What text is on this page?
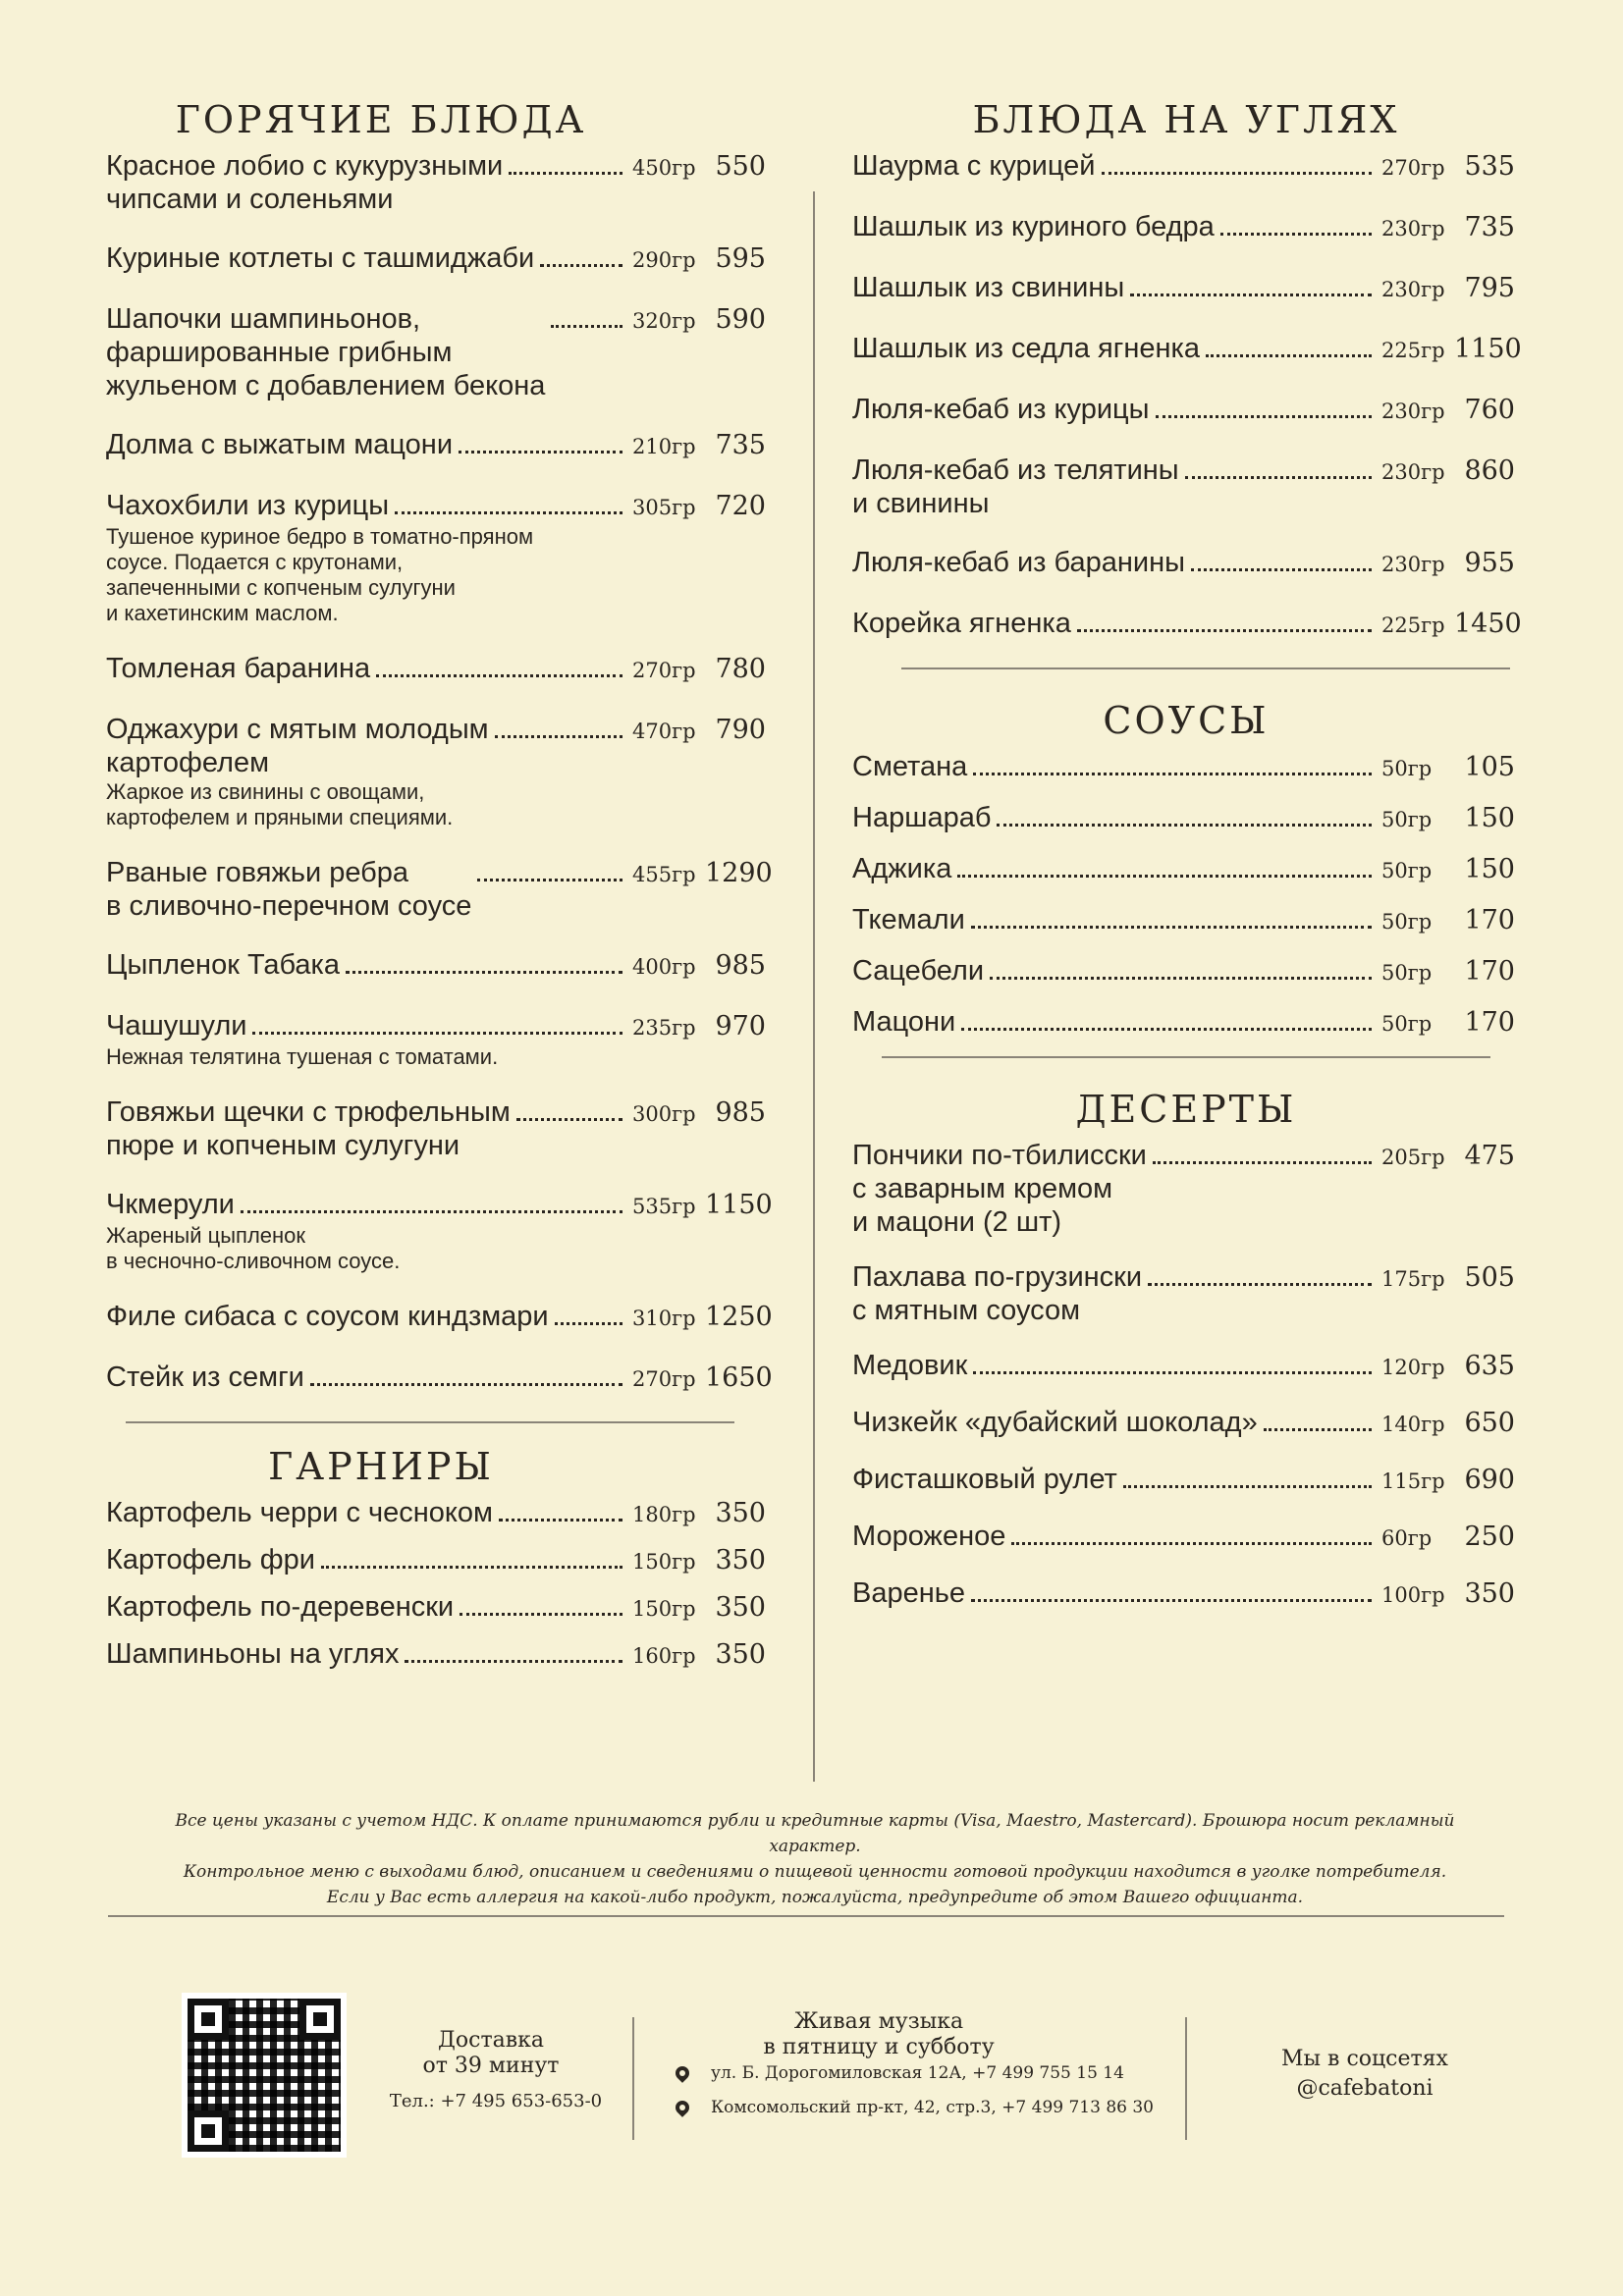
ГОРЯЧИЕ БЛЮДА
Красное лобио с кукурузными
чипсами и соленьями
450гр 550
Куриные котлеты с ташмиджаби	290гр 595
Шапочки шампиньонов,
фаршированные грибным
жульеном с добавлением бекона
320гр 590
Долма с выжатым мацони	210гр 735
Чахохбили из курицы	305гр 720
Тушеное куриное бедро в томатно-пряном
соусе. Подается с крутонами,
запеченными с копченым сулугуни
и кахетинским маслом.
Томленая баранина	270гр 780
Оджахури с мятым молодым
картофелем
470гр 790
Жаркое из свинины с овощами,
картофелем и пряными специями.
Рваные говяжьи ребра
в сливочно-перечном соусе
455гр 1290
Цыпленок Табака	400гр 985
Чашушули	235гр 970
Нежная телятина тушеная с томатами.
Говяжьи щечки с трюфельным
пюре и копченым сулугуни
300гр 985
Чкмерули	535гр 1150
Жареный цыпленок
в чесночно-сливочном соусе.
Филе сибаса с соусом киндзмари	310гр 1250
Стейк из семги	270гр 1650
ГАРНИРЫ
Картофель черри с чесноком	180гр 350
Картофель фри	150гр 350
Картофель по-деревенски	150гр 350
Шампиньоны на углях	160гр 350
БЛЮДА НА УГЛЯХ
Шаурма с курицей	270гр 535
Шашлык из куриного бедра	230гр 735
Шашлык из свинины	230гр 795
Шашлык из седла ягненка	225гр 1150
Люля-кебаб из курицы	230гр 760
Люля-кебаб из телятины
и свинины
230гр 860
Люля-кебаб из баранины	230гр 955
Корейка ягненка	225гр 1450
СОУСЫ
Сметана	50гр	105
Наршараб	50гр	150
Аджика	50гр	150
Ткемали	50гр	170
Сацебели	50гр	170
Мацони	50гр	170
ДЕСЕРТЫ
Пончики по-тбилисски
с заварным кремом
и мацони (2 шт)
205гр 475
Пахлава по-грузински
с мятным соусом
175гр 505
Медовик	120гр 635
Чизкейк «дубайский шоколад»	140гр 650
Фисташковый рулет	115гр 690
Мороженое	60гр	250
Варенье	100гр 350
Все цены указаны с учетом НДС. К оплате принимаются рубли и кредитные карты (Visa, Maestro, Mastercard). Брошюра носит рекламный характер.
Контрольное меню с выходами блюд, описанием и сведениями о пищевой ценности готовой продукции находится в уголке потребителя.
Если у Вас есть аллергия на какой-либо продукт, пожалуйста, предупредите об этом Вашего официанта.
Доставка
от 39 минут
Тел.: +7 495 653-653-0
Живая музыка
в пятницу и субботу
ул. Б. Дорогомиловская 12А, +7 499 755 15 14
Комсомольский пр-кт, 42, стр.3, +7 499 713 86 30
Мы в соцсетях
@cafebatoni
